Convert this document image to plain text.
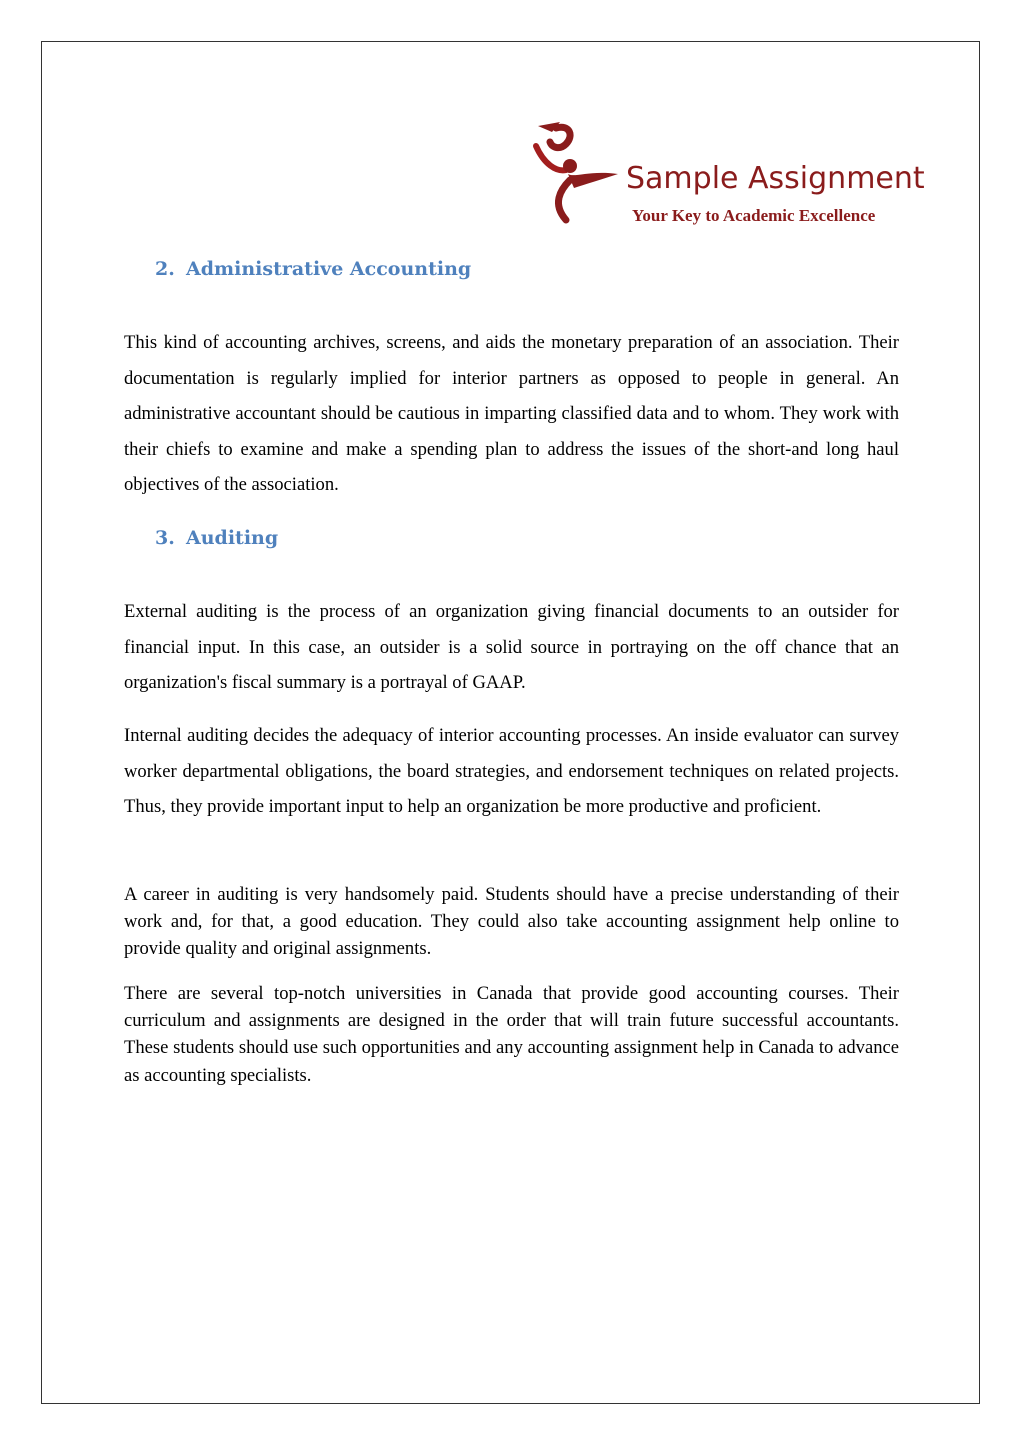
Sample Assignment
Your Key to Academic Excellence
2. Administrative Accounting

This kind of accounting archives, screens, and aids the monetary preparation of an association. Their documentation is regularly implied for interior partners as opposed to people in general. An administrative accountant should be cautious in imparting classified data and to whom. They work with their chiefs to examine and make a spending plan to address the issues of the short-and long haul objectives of the association.

3. Auditing

External auditing is the process of an organization giving financial documents to an outsider for financial input. In this case, an outsider is a solid source in portraying on the off chance that an organization's fiscal summary is a portrayal of GAAP.

Internal auditing decides the adequacy of interior accounting processes. An inside evaluator can survey worker departmental obligations, the board strategies, and endorsement techniques on related projects. Thus, they provide important input to help an organization be more productive and proficient.

A career in auditing is very handsomely paid. Students should have a precise understanding of their work and, for that, a good education. They could also take accounting assignment help online to provide quality and original assignments.

There are several top-notch universities in Canada that provide good accounting courses. Their curriculum and assignments are designed in the order that will train future successful accountants. These students should use such opportunities and any accounting assignment help in Canada to advance as accounting specialists.
